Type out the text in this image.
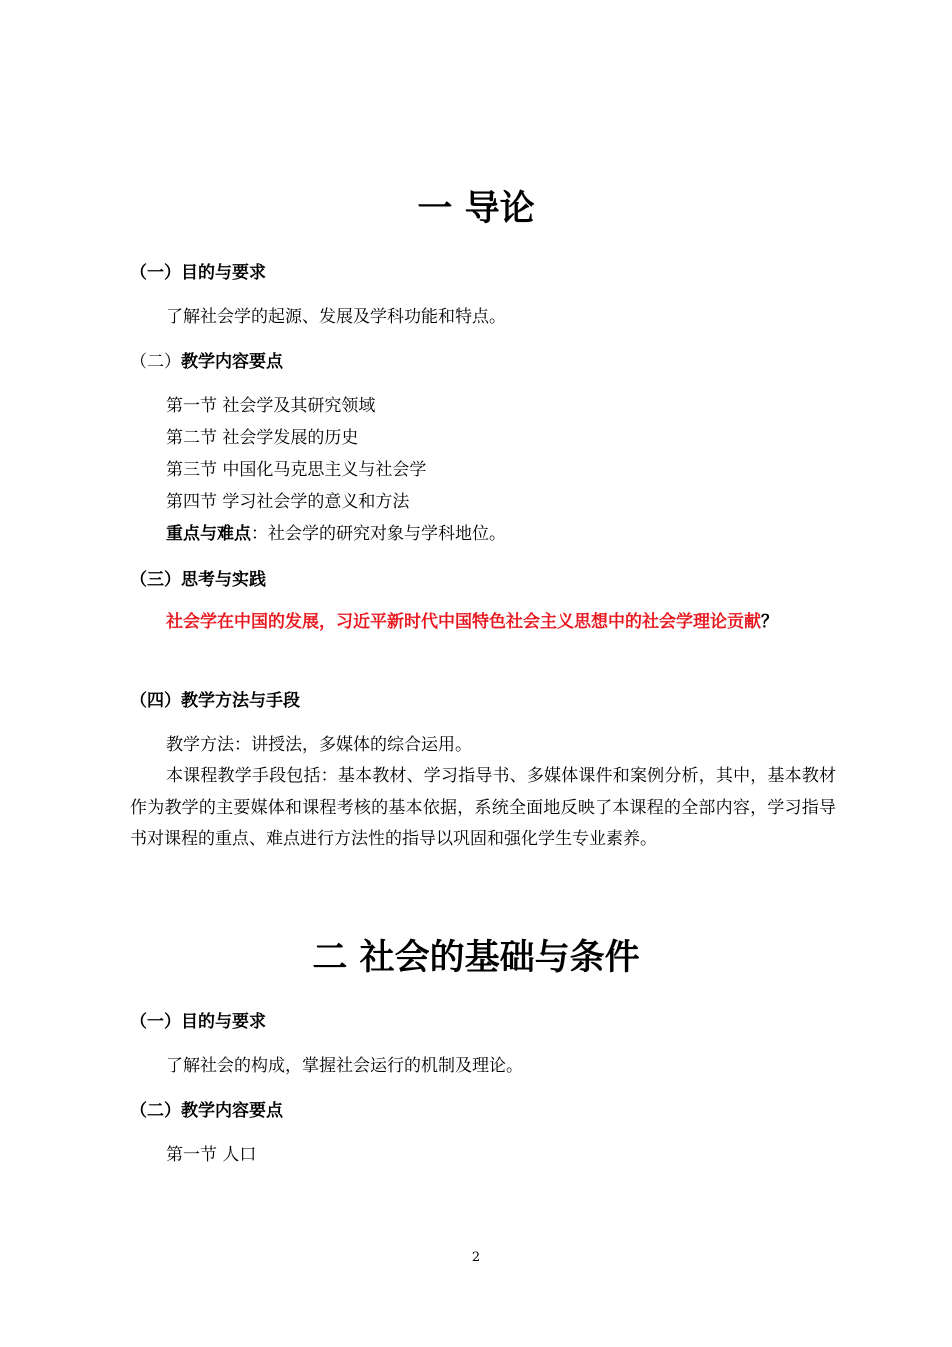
一 导论
（一）目的与要求

了解社会学的起源、发展及学科功能和特点。

（二）教学内容要点

第一节 社会学及其研究领域

第二节 社会学发展的历史

第三节 中国化马克思主义与社会学

第四节 学习社会学的意义和方法

重点与难点：社会学的研究对象与学科地位。

（三）思考与实践

社会学在中国的发展，习近平新时代中国特色社会主义思想中的社会学理论贡献？

（四）教学方法与手段

教学方法：讲授法，多媒体的综合运用。

本课程教学手段包括：基本教材、学习指导书、多媒体课件和案例分析，其中，基本教材作为教学的主要媒体和课程考核的基本依据，系统全面地反映了本课程的全部内容，学习指导书对课程的重点、难点进行方法性的指导以巩固和强化学生专业素养。

二 社会的基础与条件
（一）目的与要求

了解社会的构成，掌握社会运行的机制及理论。

（二）教学内容要点

第一节 人口

2
